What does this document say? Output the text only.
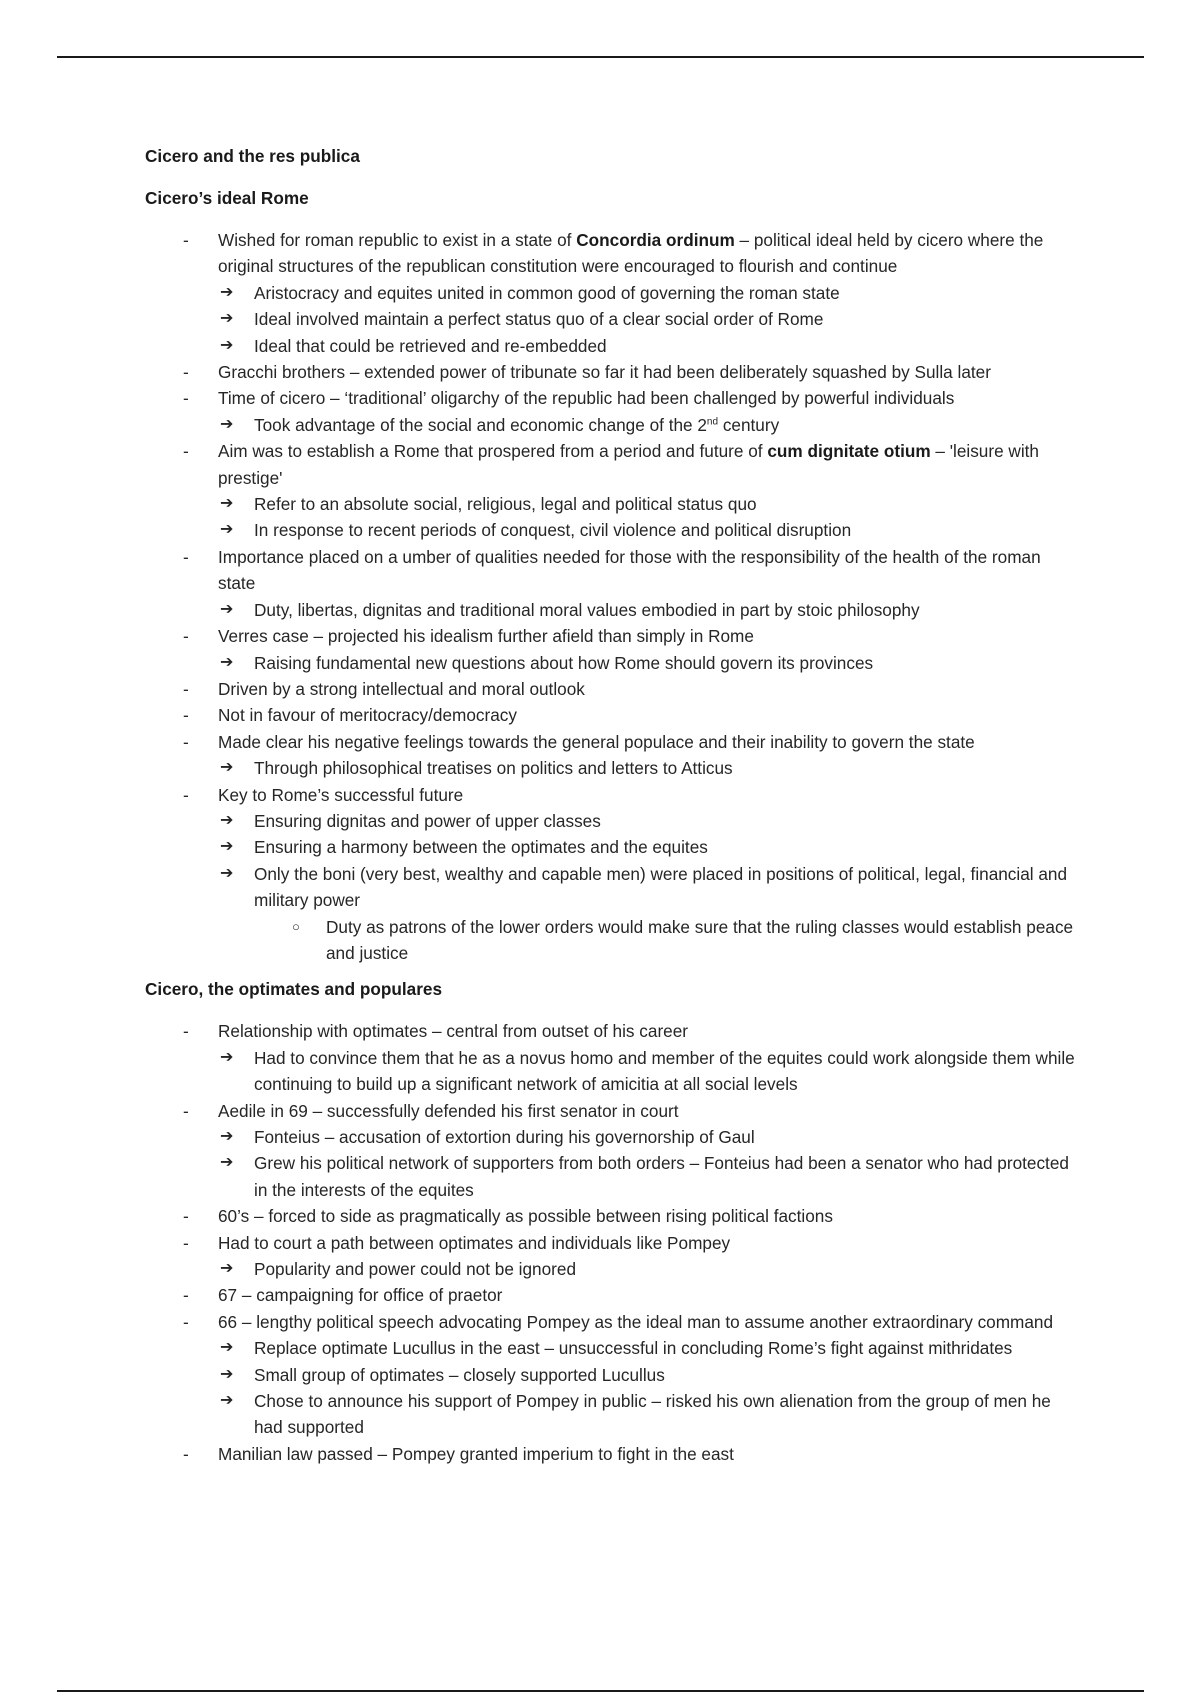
Cicero and the res publica
Cicero’s ideal Rome
- Wished for roman republic to exist in a state of Concordia ordinum – political ideal held by cicero where the original structures of the republican constitution were encouraged to flourish and continue
➔ Aristocracy and equites united in common good of governing the roman state
➔ Ideal involved maintain a perfect status quo of a clear social order of Rome
➔ Ideal that could be retrieved and re-embedded
- Gracchi brothers – extended power of tribunate so far it had been deliberately squashed by Sulla later
- Time of cicero – ‘traditional’ oligarchy of the republic had been challenged by powerful individuals
➔ Took advantage of the social and economic change of the 2nd century
- Aim was to establish a Rome that prospered from a period and future of cum dignitate otium – 'leisure with prestige'
➔ Refer to an absolute social, religious, legal and political status quo
➔ In response to recent periods of conquest, civil violence and political disruption
- Importance placed on a umber of qualities needed for those with the responsibility of the health of the roman state
➔ Duty, libertas, dignitas and traditional moral values embodied in part by stoic philosophy
- Verres case – projected his idealism further afield than simply in Rome
➔ Raising fundamental new questions about how Rome should govern its provinces
- Driven by a strong intellectual and moral outlook
- Not in favour of meritocracy/democracy
- Made clear his negative feelings towards the general populace and their inability to govern the state
➔ Through philosophical treatises on politics and letters to Atticus
- Key to Rome’s successful future
➔ Ensuring dignitas and power of upper classes
➔ Ensuring a harmony between the optimates and the equites
➔ Only the boni (very best, wealthy and capable men) were placed in positions of political, legal, financial and military power
○ Duty as patrons of the lower orders would make sure that the ruling classes would establish peace and justice
Cicero, the optimates and populares
- Relationship with optimates – central from outset of his career
➔ Had to convince them that he as a novus homo and member of the equites could work alongside them while continuing to build up a significant network of amicitia at all social levels
- Aedile in 69 – successfully defended his first senator in court
➔ Fonteius – accusation of extortion during his governorship of Gaul
➔ Grew his political network of supporters from both orders – Fonteius had been a senator who had protected in the interests of the equites
- 60’s – forced to side as pragmatically as possible between rising political factions
- Had to court a path between optimates and individuals like Pompey
➔ Popularity and power could not be ignored
- 67 – campaigning for office of praetor
- 66 – lengthy political speech advocating Pompey as the ideal man to assume another extraordinary command
➔ Replace optimate Lucullus in the east – unsuccessful in concluding Rome’s fight against mithridates
➔ Small group of optimates – closely supported Lucullus
➔ Chose to announce his support of Pompey in public – risked his own alienation from the group of men he had supported
- Manilian law passed – Pompey granted imperium to fight in the east
